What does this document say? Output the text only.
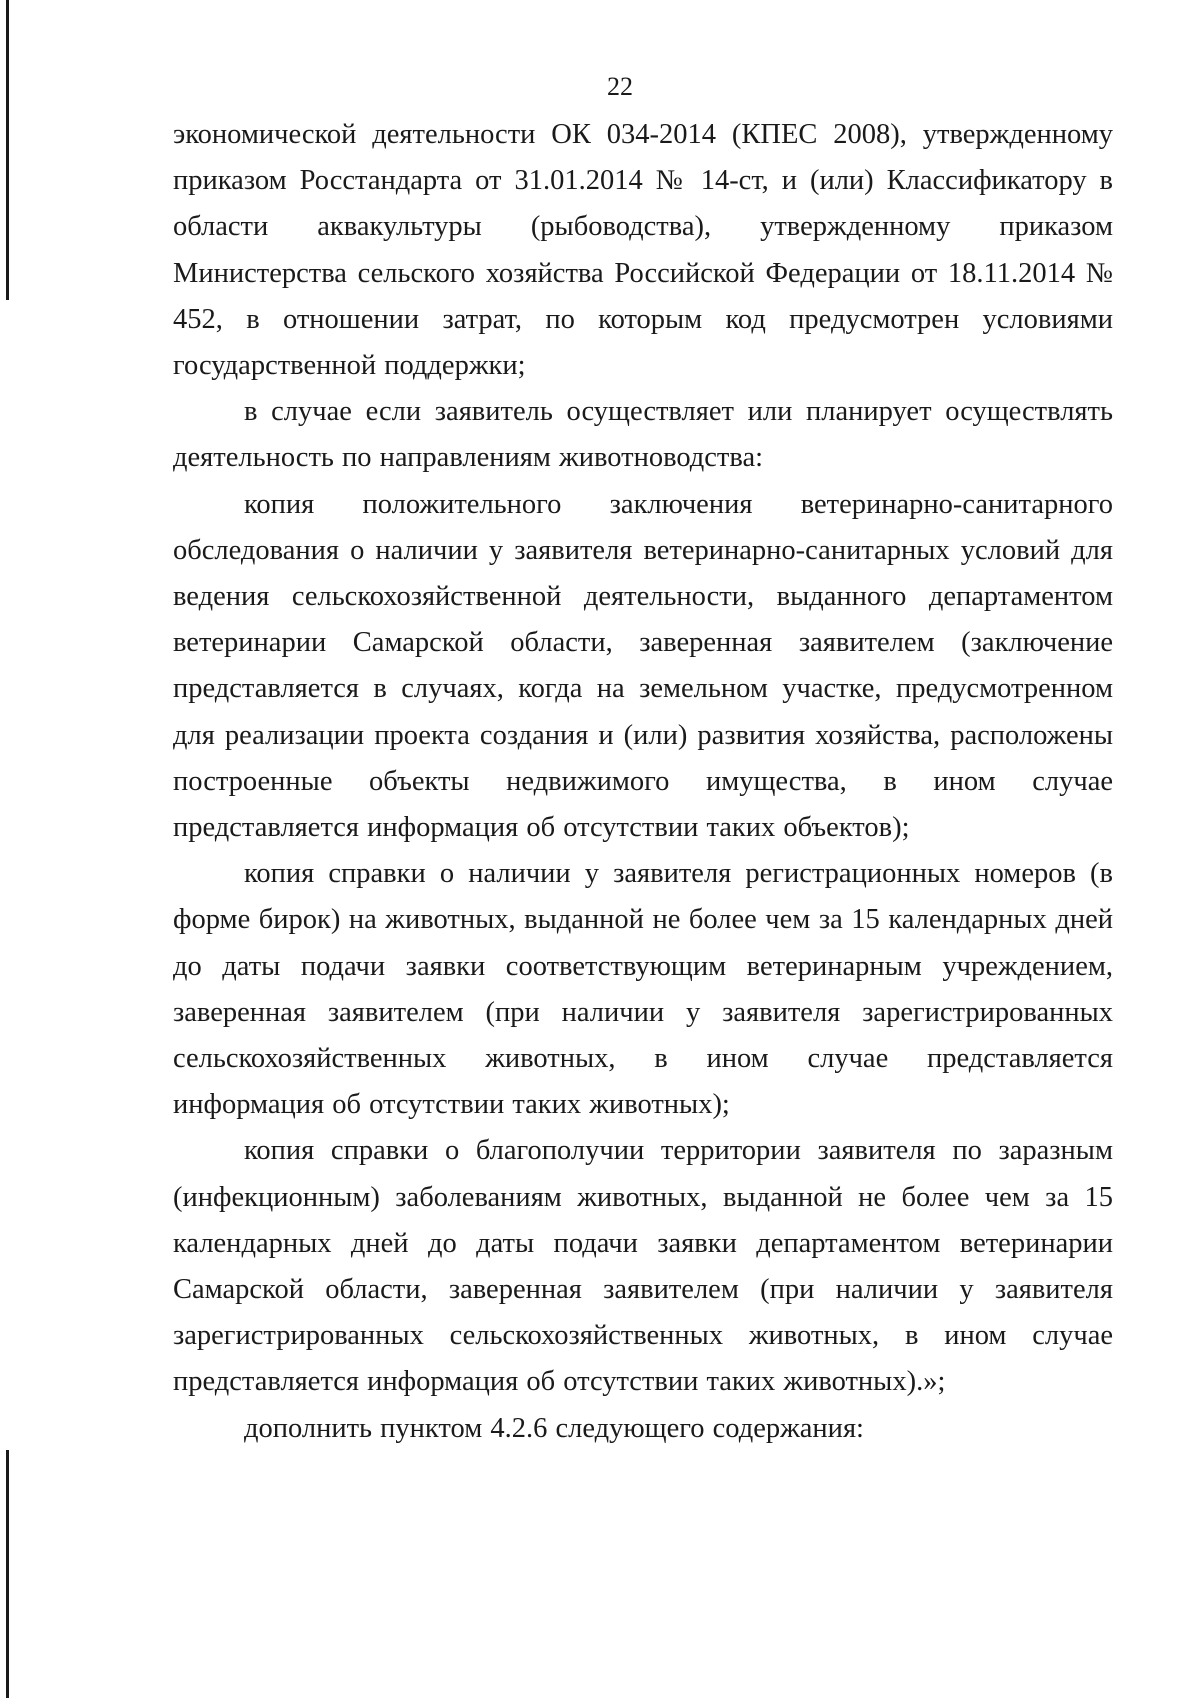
22

экономической деятельности ОК 034-2014 (КПЕС 2008), утвержденному приказом Росстандарта от 31.01.2014 № 14-ст, и (или) Классификатору в области аквакультуры (рыбоводства), утвержденному приказом Министерства сельского хозяйства Российской Федерации от 18.11.2014 № 452, в отношении затрат, по которым код предусмотрен условиями государственной поддержки;

в случае если заявитель осуществляет или планирует осуществлять деятельность по направлениям животноводства:

копия положительного заключения ветеринарно-санитарного обследования о наличии у заявителя ветеринарно-санитарных условий для ведения сельскохозяйственной деятельности, выданного департаментом ветеринарии Самарской области, заверенная заявителем (заключение представляется в случаях, когда на земельном участке, предусмотренном для реализации проекта создания и (или) развития хозяйства, расположены построенные объекты недвижимого имущества, в ином случае представляется информация об отсутствии таких объектов);

копия справки о наличии у заявителя регистрационных номеров (в форме бирок) на животных, выданной не более чем за 15 календарных дней до даты подачи заявки соответствующим ветеринарным учреждением, заверенная заявителем (при наличии у заявителя зарегистрированных сельскохозяйственных животных, в ином случае представляется информация об отсутствии таких животных);

копия справки о благополучии территории заявителя по заразным (инфекционным) заболеваниям животных, выданной не более чем за 15 календарных дней до даты подачи заявки департаментом ветеринарии Самарской области, заверенная заявителем (при наличии у заявителя зарегистрированных сельскохозяйственных животных, в ином случае представляется информация об отсутствии таких животных).»;

дополнить пунктом 4.2.6 следующего содержания:
